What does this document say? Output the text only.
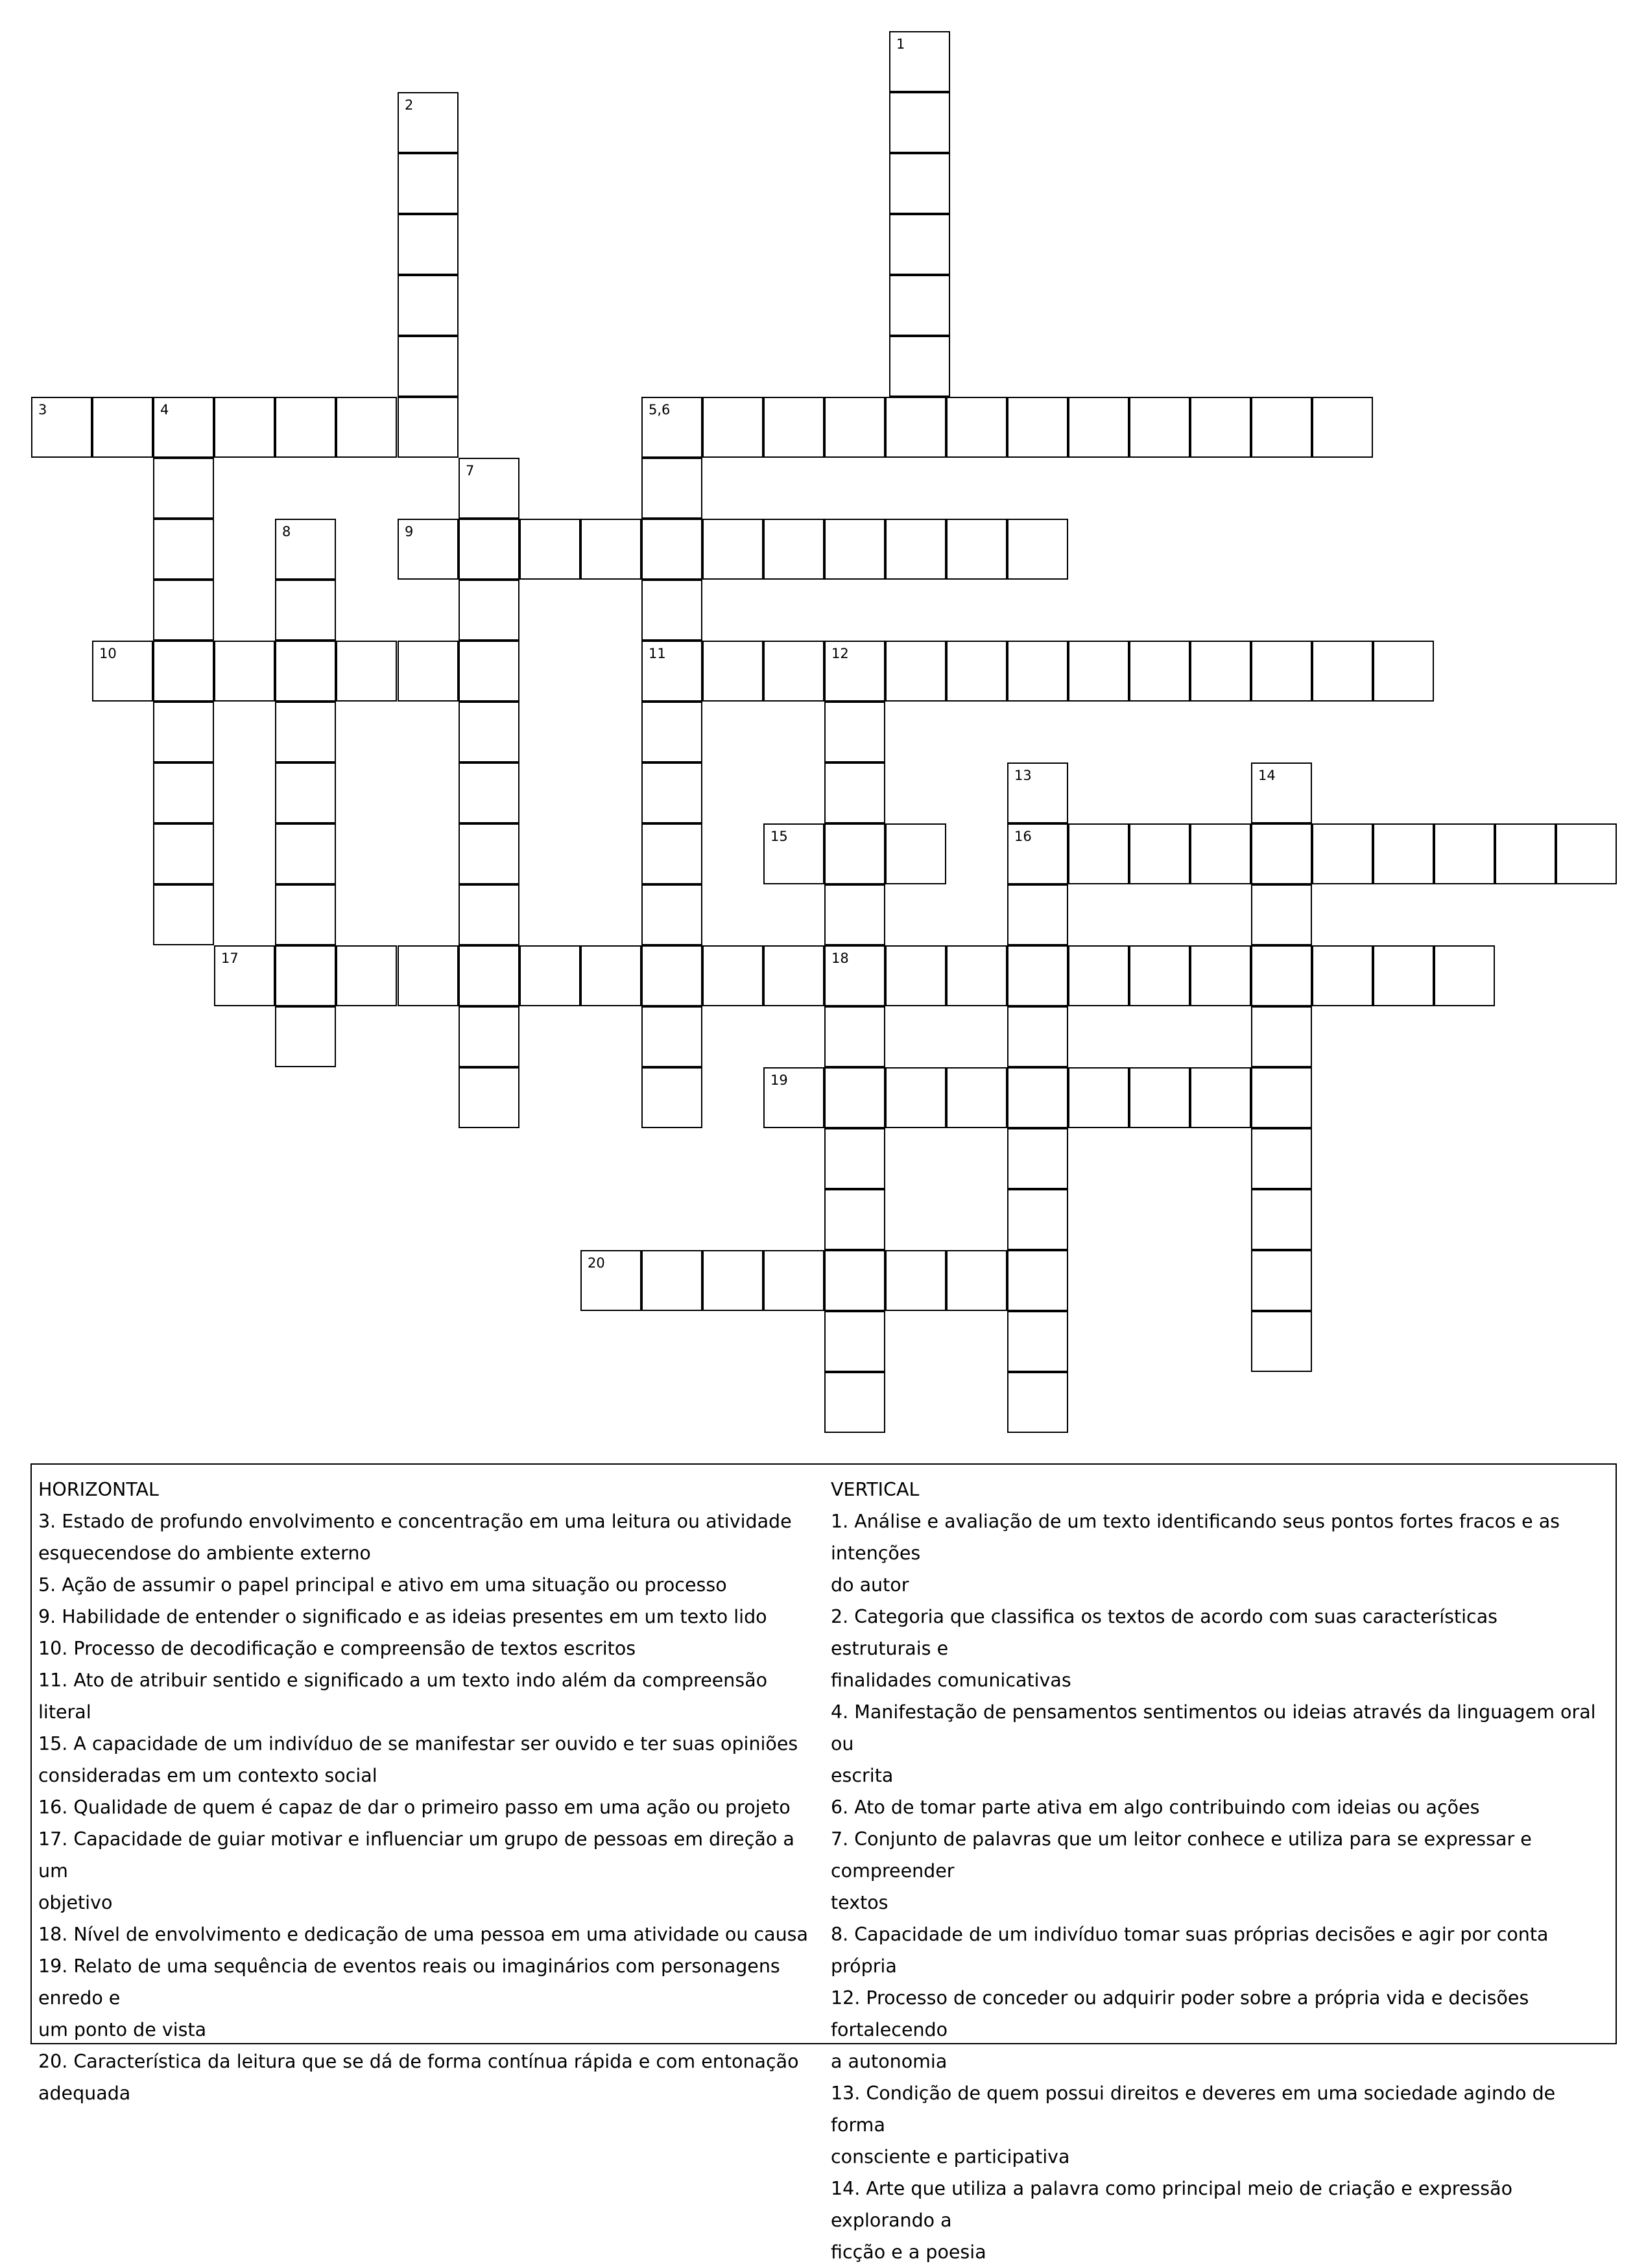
1
2
3	4	5,6
7
8	9
10	11	12
13	14
15	16
17	18
19
20
HORIZONTAL
3. Estado de profundo envolvimento e concentração em uma leitura ou atividade
esquecendose do ambiente externo
5. Ação de assumir o papel principal e ativo em uma situação ou processo
9. Habilidade de entender o significado e as ideias presentes em um texto lido
10. Processo de decodificação e compreensão de textos escritos
11. Ato de atribuir sentido e significado a um texto indo além da compreensão literal
15. A capacidade de um indivíduo de se manifestar ser ouvido e ter suas opiniões
consideradas em um contexto social
16. Qualidade de quem é capaz de dar o primeiro passo em uma ação ou projeto
17. Capacidade de guiar motivar e influenciar um grupo de pessoas em direção a um
objetivo
18. Nível de envolvimento e dedicação de uma pessoa em uma atividade ou causa
19. Relato de uma sequência de eventos reais ou imaginários com personagens enredo e
um ponto de vista
20. Característica da leitura que se dá de forma contínua rápida e com entonação
adequada
VERTICAL
1. Análise e avaliação de um texto identificando seus pontos fortes fracos e as intenções
do autor
2. Categoria que classifica os textos de acordo com suas características estruturais e
finalidades comunicativas
4. Manifestação de pensamentos sentimentos ou ideias através da linguagem oral ou
escrita
6. Ato de tomar parte ativa em algo contribuindo com ideias ou ações
7. Conjunto de palavras que um leitor conhece e utiliza para se expressar e compreender
textos
8. Capacidade de um indivíduo tomar suas próprias decisões e agir por conta própria
12. Processo de conceder ou adquirir poder sobre a própria vida e decisões fortalecendo
a autonomia
13. Condição de quem possui direitos e deveres em uma sociedade agindo de forma
consciente e participativa
14. Arte que utiliza a palavra como principal meio de criação e expressão explorando a
ficção e a poesia
